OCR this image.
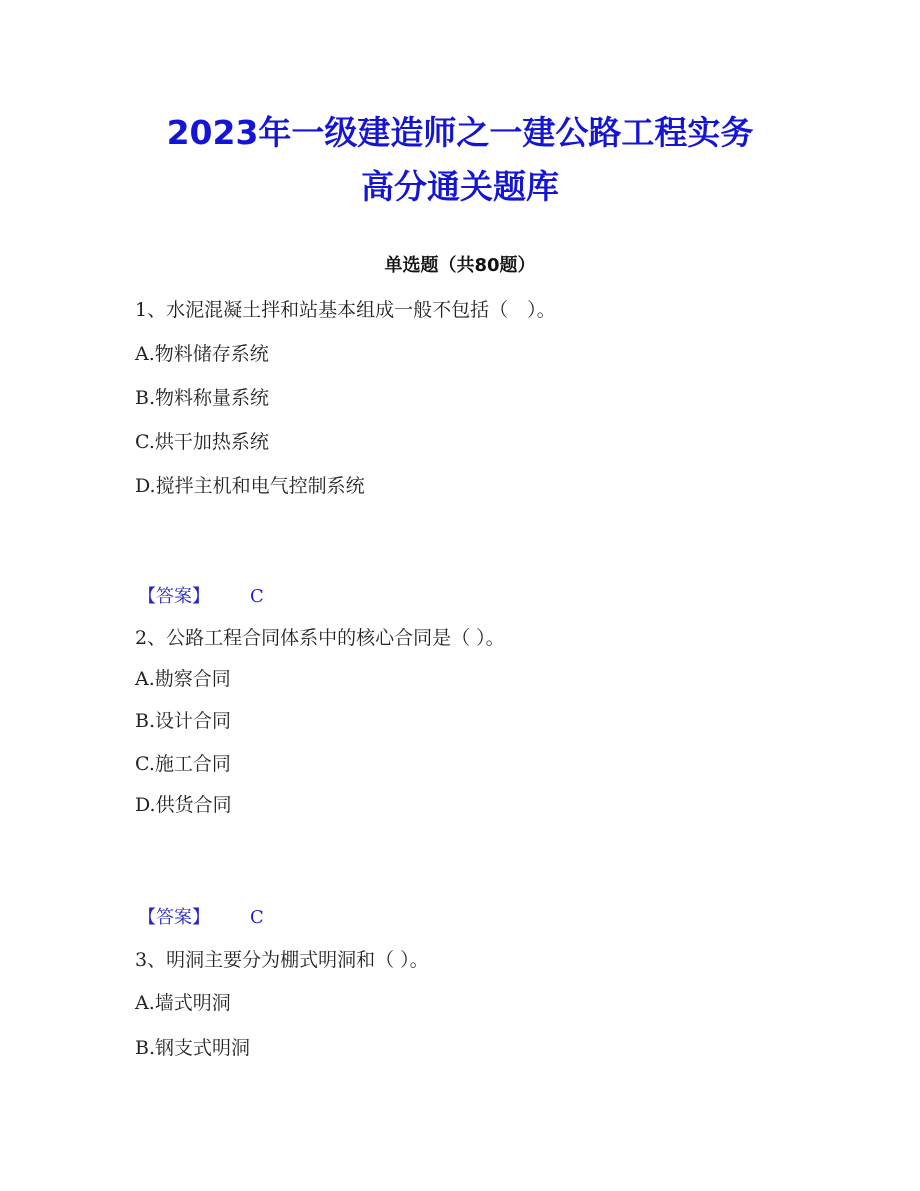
2023年一级建造师之一建公路工程实务
高分通关题库
单选题（共80题）
1、水泥混凝土拌和站基本组成一般不包括（　）。
A.物料储存系统
B.物料称量系统
C.烘干加热系统
D.搅拌主机和电气控制系统
【答案】 C
2、公路工程合同体系中的核心合同是（ ）。
A.勘察合同
B.设计合同
C.施工合同
D.供货合同
【答案】 C
3、明洞主要分为棚式明洞和（ ）。
A.墙式明洞
B.钢支式明洞
